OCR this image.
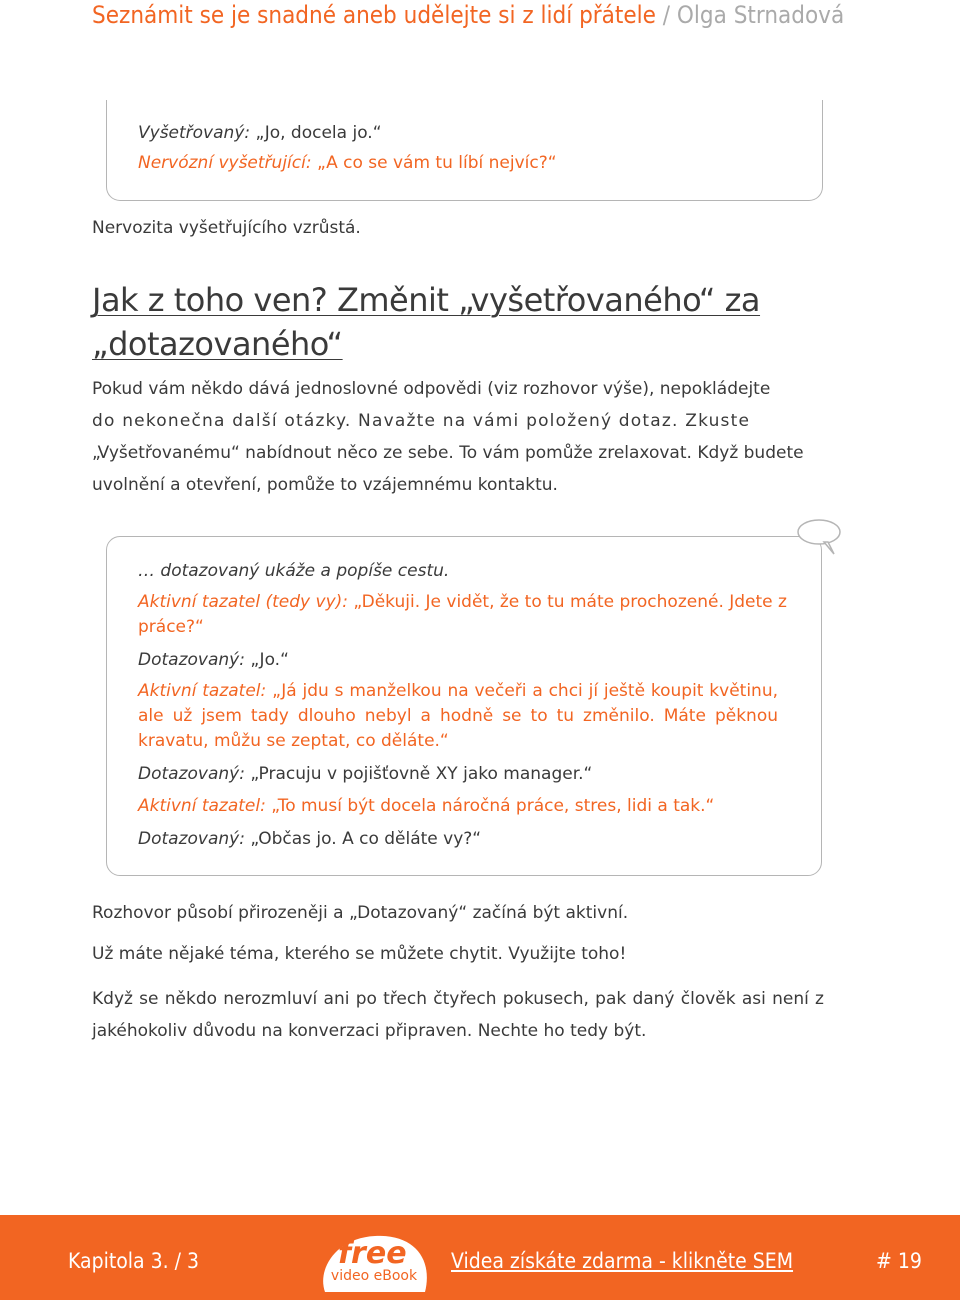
Seznámit se je snadné aneb udělejte si z lidí přátele / Olga Strnadová
Vyšetřovaný: „Jo, docela jo.“
Nervózní vyšetřující: „A co se vám tu líbí nejvíc?“
Nervozita vyšetřujícího vzrůstá.
Jak z toho ven? Změnit „vyšetřovaného“ za „dotazovaného“
Pokud vám někdo dává jednoslovné odpovědi (viz rozhovor výše), nepokládejte
do nekonečna další otázky. Navažte na vámi položený dotaz. Zkuste
„Vyšetřovanému“ nabídnout něco ze sebe. To vám pomůže zrelaxovat. Když budete
uvolnění a otevření, pomůže to vzájemnému kontaktu.
… dotazovaný ukáže a popíše cestu.
Aktivní tazatel (tedy vy): „Děkuji. Je vidět, že to tu máte prochozené. Jdete z práce?“
Dotazovaný: „Jo.“
Aktivní tazatel: „Já jdu s manželkou na večeři a chci jí ještě koupit květinu, ale už jsem tady dlouho nebyl a hodně se to tu změnilo. Máte pěknou kravatu, můžu se zeptat, co děláte.“
Dotazovaný: „Pracuju v pojišťovně XY jako manager.“
Aktivní tazatel: „To musí být docela náročná práce, stres, lidi a tak.“
Dotazovaný: „Občas jo. A co děláte vy?“
Rozhovor působí přirozeněji a „Dotazovaný“ začíná být aktivní.
Už máte nějaké téma, kterého se můžete chytit. Využijte toho!
Když se někdo nerozmluví ani po třech čtyřech pokusech, pak daný člověk asi není z jakéhokoliv důvodu na konverzaci připraven. Nechte ho tedy být.
Kapitola 3. / 3	Videa získáte zdarma - klikněte SEM	# 19
free
video eBook
